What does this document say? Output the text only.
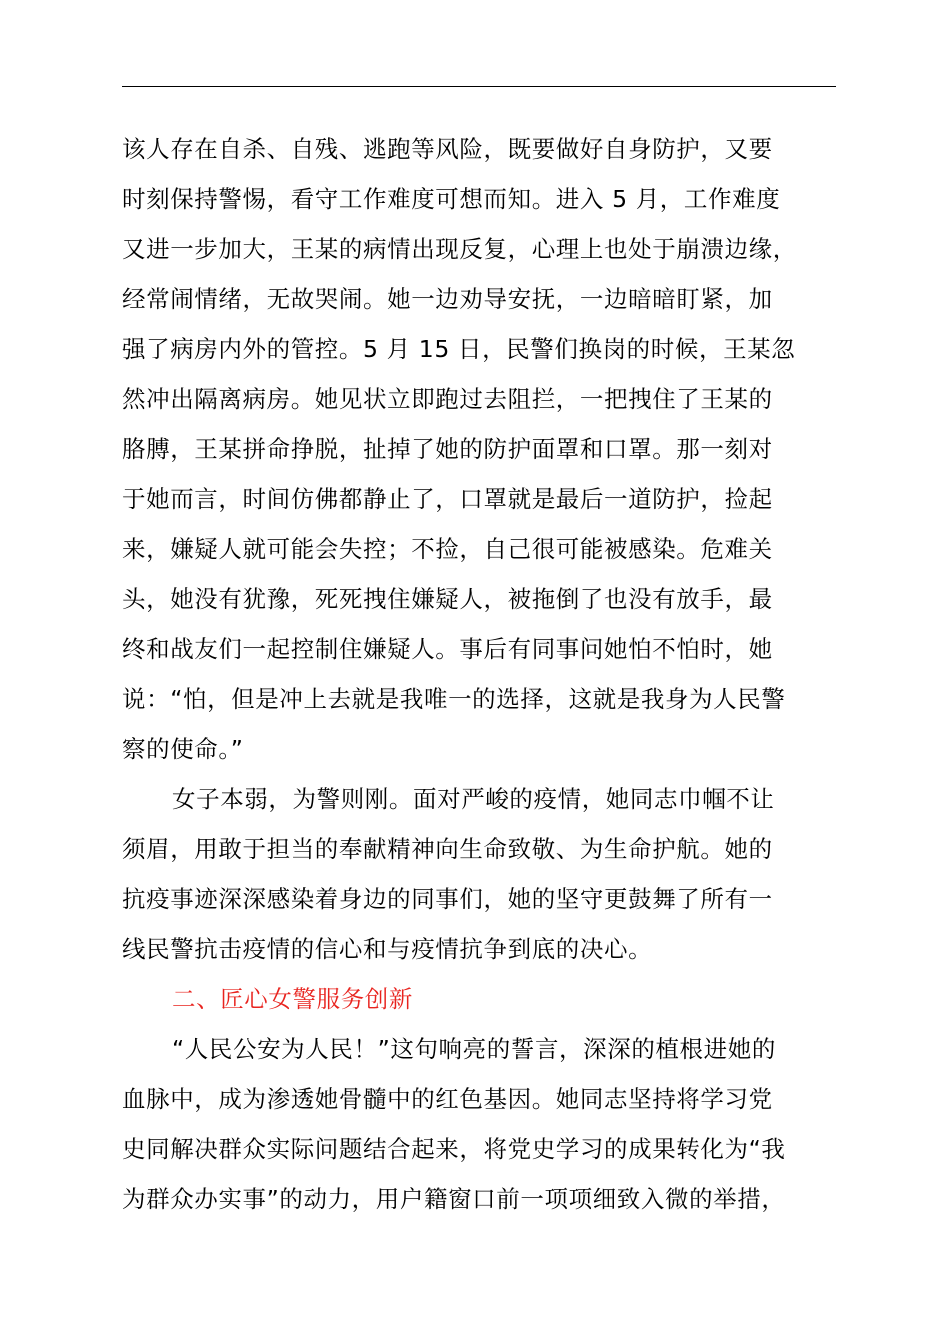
该人存在自杀、自残、逃跑等风险，既要做好自身防护，又要
时刻保持警惕，看守工作难度可想而知。进入 5 月，工作难度
又进一步加大，王某的病情出现反复，心理上也处于崩溃边缘，
经常闹情绪，无故哭闹。她一边劝导安抚，一边暗暗盯紧，加
强了病房内外的管控。5 月 15 日，民警们换岗的时候，王某忽
然冲出隔离病房。她见状立即跑过去阻拦，一把拽住了王某的
胳膊，王某拼命挣脱，扯掉了她的防护面罩和口罩。那一刻对
于她而言，时间仿佛都静止了，口罩就是最后一道防护，捡起
来，嫌疑人就可能会失控；不捡，自己很可能被感染。危难关
头，她没有犹豫，死死拽住嫌疑人，被拖倒了也没有放手，最
终和战友们一起控制住嫌疑人。事后有同事问她怕不怕时，她
说：“怕，但是冲上去就是我唯一的选择，这就是我身为人民警
察的使命。”
女子本弱，为警则刚。面对严峻的疫情，她同志巾帼不让
须眉，用敢于担当的奉献精神向生命致敬、为生命护航。她的
抗疫事迹深深感染着身边的同事们，她的坚守更鼓舞了所有一
线民警抗击疫情的信心和与疫情抗争到底的决心。
二、匠心女警服务创新
“人民公安为人民！”这句响亮的誓言，深深的植根进她的
血脉中，成为渗透她骨髓中的红色基因。她同志坚持将学习党
史同解决群众实际问题结合起来，将党史学习的成果转化为“我
为群众办实事”的动力，用户籍窗口前一项项细致入微的举措，
